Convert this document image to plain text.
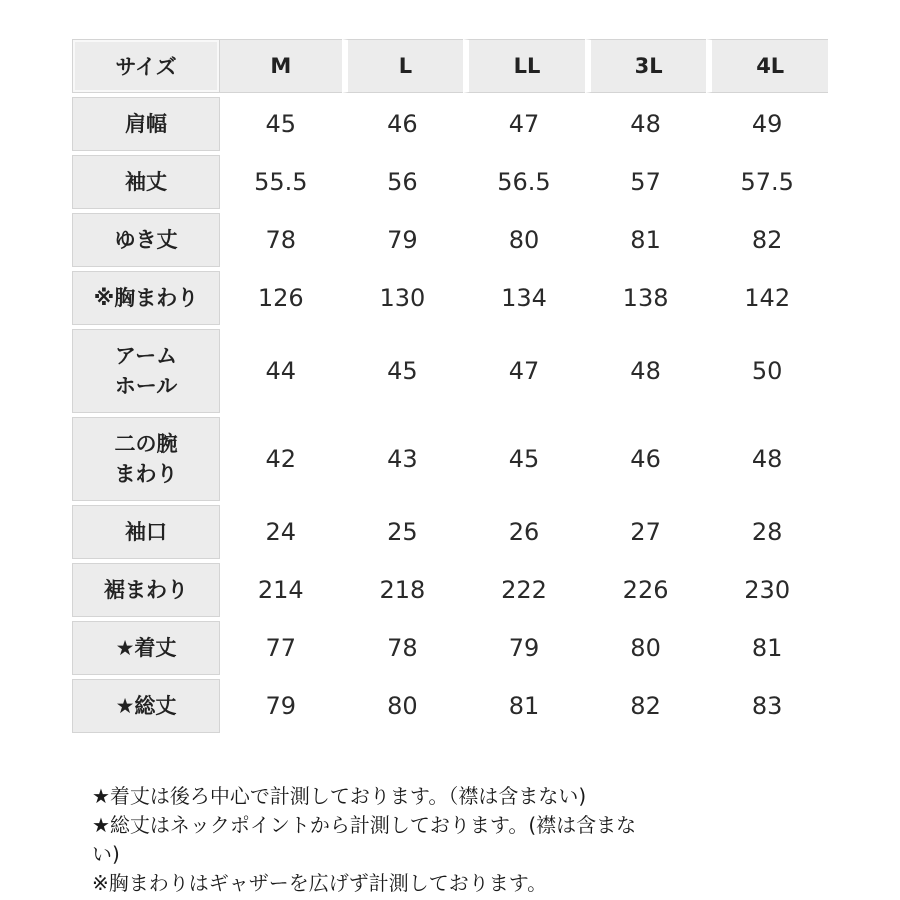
サイズ	M	L	LL	3L	4L

肩幅	45	46	47	48	49

袖丈	55.5	56	56.5	57	57.5

ゆき丈	78	79	80	81	82

※胸まわり	126	130	134	138	142

アーム
ホール	44	45	47	48	50

二の腕
まわり	42	43	45	46	48

袖口	24	25	26	27	28

裾まわり	214	218	222	226	230

★着丈	77	78	79	80	81

★総丈	79	80	81	82	83

★着丈は後ろ中心で計測しております。（襟は含まない)

★総丈はネックポイントから計測しております。(襟は含まな

い)

※胸まわりはギャザーを広げず計測しております。
